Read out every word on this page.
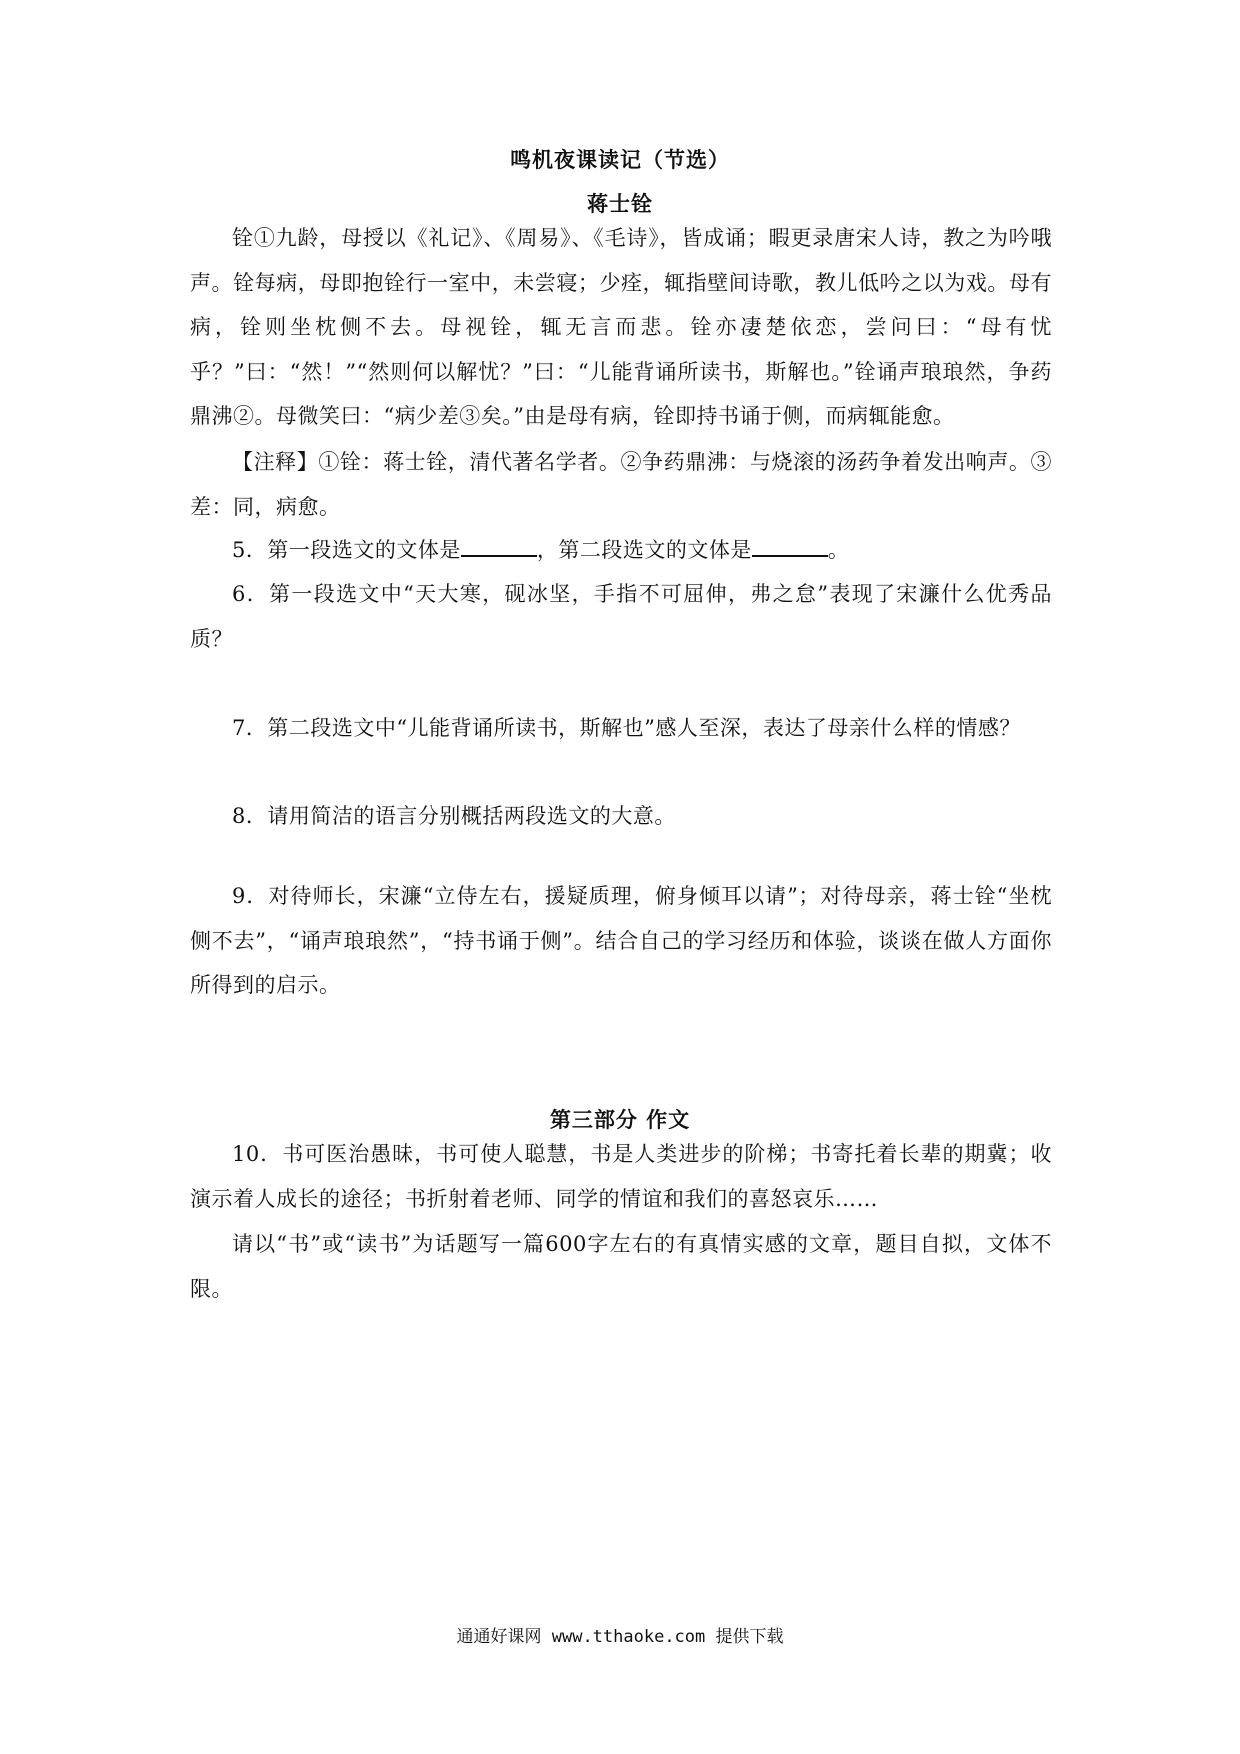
鸣机夜课读记（节选）
蒋士铨
铨①九龄，母授以《礼记》、《周易》、《毛诗》，皆成诵；暇更录唐宋人诗，教之为吟哦声。铨每病，母即抱铨行一室中，未尝寝；少痊，辄指壁间诗歌，教儿低吟之以为戏。母有病，铨则坐枕侧不去。母视铨，辄无言而悲。铨亦凄楚依恋，尝问曰：“母有忧乎？”曰：“然！”“然则何以解忧？”曰：“儿能背诵所读书，斯解也。”铨诵声琅琅然，争药鼎沸②。母微笑曰：“病少差③矣。”由是母有病，铨即持书诵于侧，而病辄能愈。
【注释】①铨：蒋士铨，清代著名学者。②争药鼎沸：与烧滚的汤药争着发出响声。③差：同，病愈。
5．第一段选文的文体是	，第二段选文的文体是	。
6．第一段选文中“天大寒，砚冰坚，手指不可屈伸，弗之怠”表现了宋濂什么优秀品质？
7．第二段选文中“儿能背诵所读书，斯解也”感人至深，表达了母亲什么样的情感？
8．请用简洁的语言分别概括两段选文的大意。
9．对待师长，宋濂“立侍左右，援疑质理，俯身倾耳以请”；对待母亲，蒋士铨“坐枕侧不去”，“诵声琅琅然”，“持书诵于侧”。结合自己的学习经历和体验，谈谈在做人方面你所得到的启示。
第三部分 作文
10．书可医治愚昧，书可使人聪慧，书是人类进步的阶梯；书寄托着长辈的期冀；收演示着人成长的途径；书折射着老师、同学的情谊和我们的喜怒哀乐……
请以“书”或“读书”为话题写一篇600字左右的有真情实感的文章，题目自拟，文体不限。
通通好课网 www.tthaoke.com 提供下载
